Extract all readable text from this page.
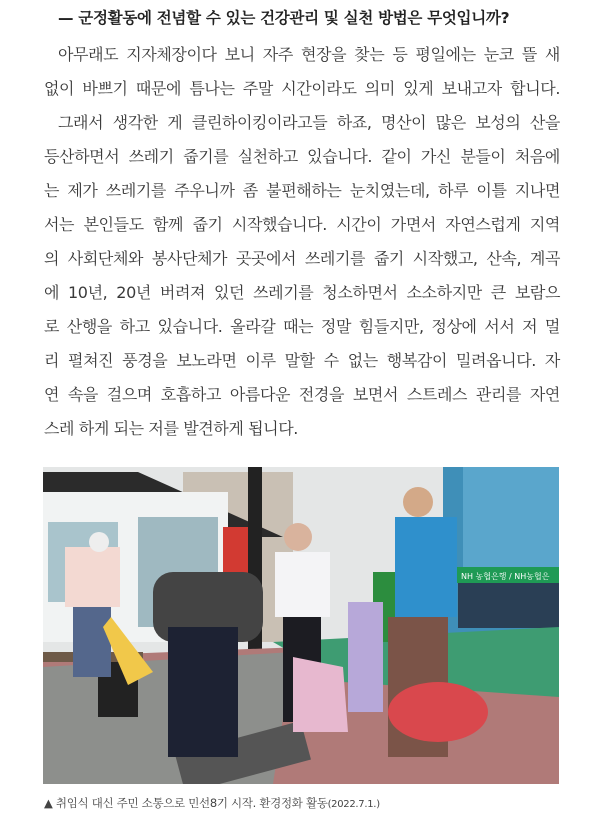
— 군정활동에 전념할 수 있는 건강관리 및 실천 방법은 무엇입니까?
아무래도 지자체장이다 보니 자주 현장을 찾는 등 평일에는 눈코 뜰 새
없이 바쁘기 때문에 틈나는 주말 시간이라도 의미 있게 보내고자 합니다.
그래서 생각한 게 클린하이킹이라고들 하죠, 명산이 많은 보성의 산을
등산하면서 쓰레기 줍기를 실천하고 있습니다. 같이 가신 분들이 처음에
는 제가 쓰레기를 주우니까 좀 불편해하는 눈치였는데, 하루 이틀 지나면
서는 본인들도 함께 줍기 시작했습니다. 시간이 가면서 자연스럽게 지역
의 사회단체와 봉사단체가 곳곳에서 쓰레기를 줍기 시작했고, 산속, 계곡
에 10년, 20년 버려져 있던 쓰레기를 청소하면서 소소하지만 큰 보람으
로 산행을 하고 있습니다. 올라갈 때는 정말 힘들지만, 정상에 서서 저 멀
리 펼쳐진 풍경을 보노라면 이루 말할 수 없는 행복감이 밀려옵니다. 자
연 속을 걸으며 호흡하고 아름다운 전경을 보면서 스트레스 관리를 자연
스레 하게 되는 저를 발견하게 됩니다.
NH 농협은행 / NH농협은
▲ 취임식 대신 주민 소통으로 민선8기 시작. 환경정화 활동(2022.7.1.)
